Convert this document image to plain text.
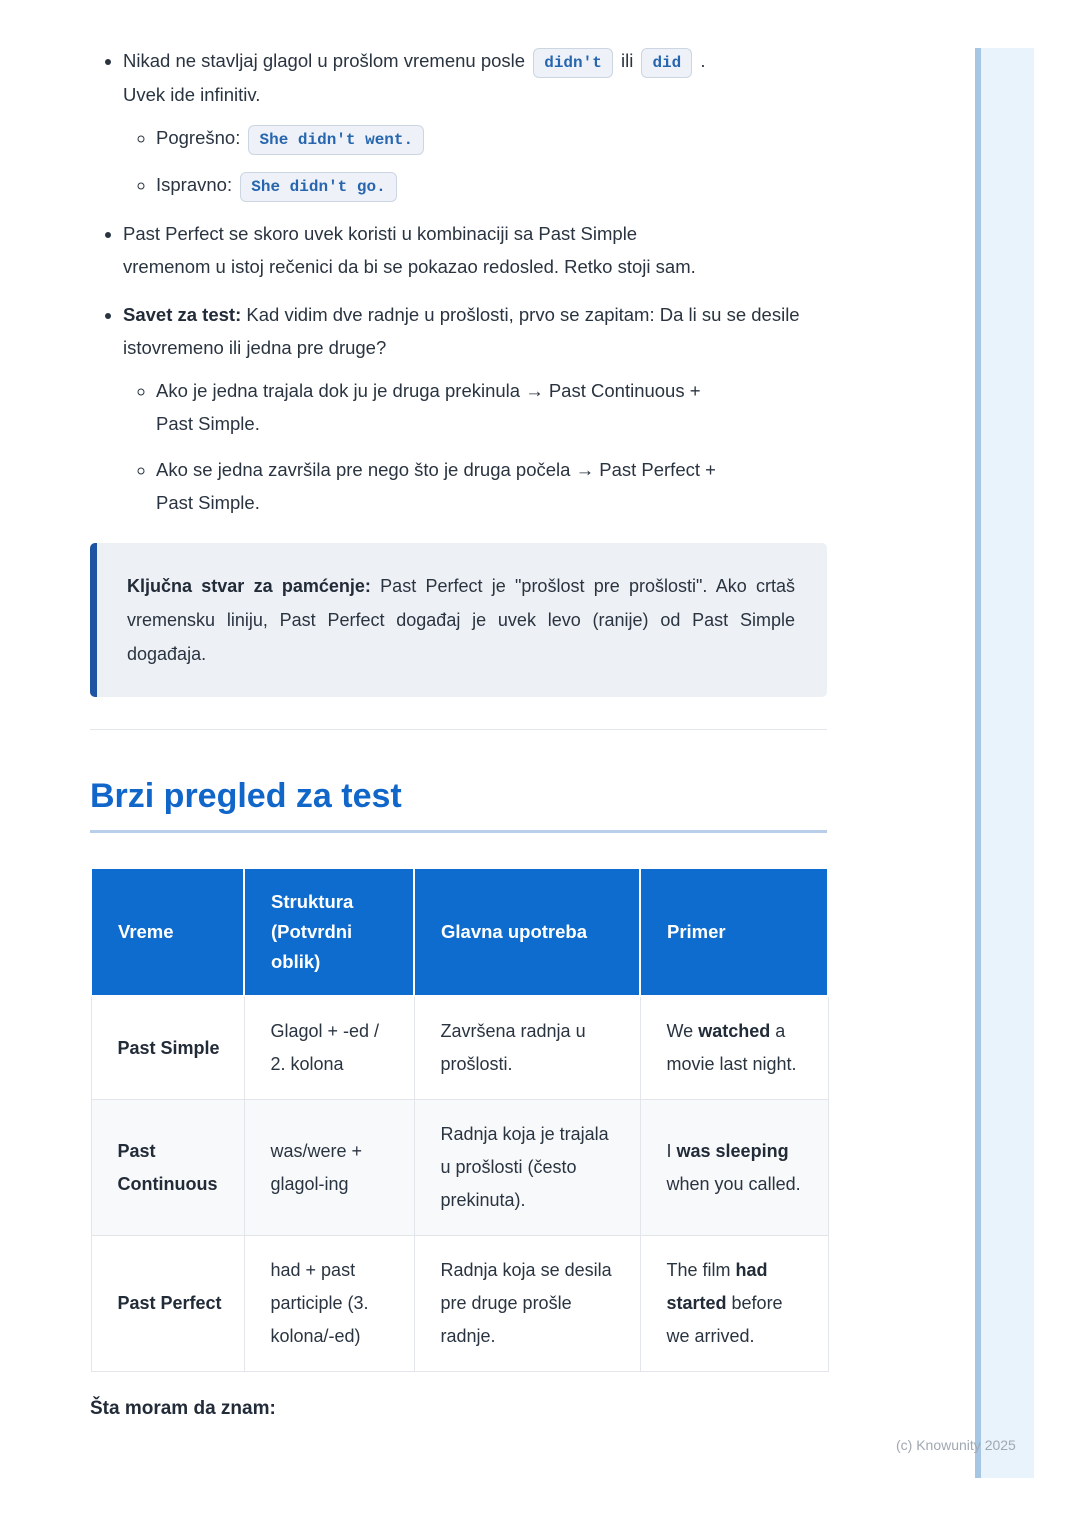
• Nikad ne stavljaj glagol u prošlom vremenu posle didn't ili did .
Uvek ide infinitiv.
◦ Pogrešno: She didn't went.
◦ Ispravno: She didn't go.
• Past Perfect se skoro uvek koristi u kombinaciji sa Past Simple
vremenom u istoj rečenici da bi se pokazao redosled. Retko stoji sam.
• Savet za test: Kad vidim dve radnje u prošlosti, prvo se zapitam: Da li su se desile istovremeno ili jedna pre druge?
◦ Ako je jedna trajala dok ju je druga prekinula → Past Continuous +
Past Simple.
◦ Ako se jedna završila pre nego što je druga počela → Past Perfect +
Past Simple.

Ključna stvar za pamćenje: Past Perfect je "prošlost pre prošlosti". Ako crtaš vremensku liniju, Past Perfect događaj je uvek levo (ranije) od Past Simple događaja.

Brzi pregled za test
Vreme	Struktura (Potvrdni oblik)	Glavna upotreba	Primer
Past Simple	Glagol + -ed / 2. kolona	Završena radnja u prošlosti.	We watched a movie last night.
Past Continuous	was/were + glagol-ing	Radnja koja je trajala u prošlosti (često prekinuta).	I was sleeping when you called.
Past Perfect	had + past participle (3. kolona/-ed)	Radnja koja se desila pre druge prošle radnje.	The film had started before we arrived.

Šta moram da znam:

(c) Knowunity 2025
